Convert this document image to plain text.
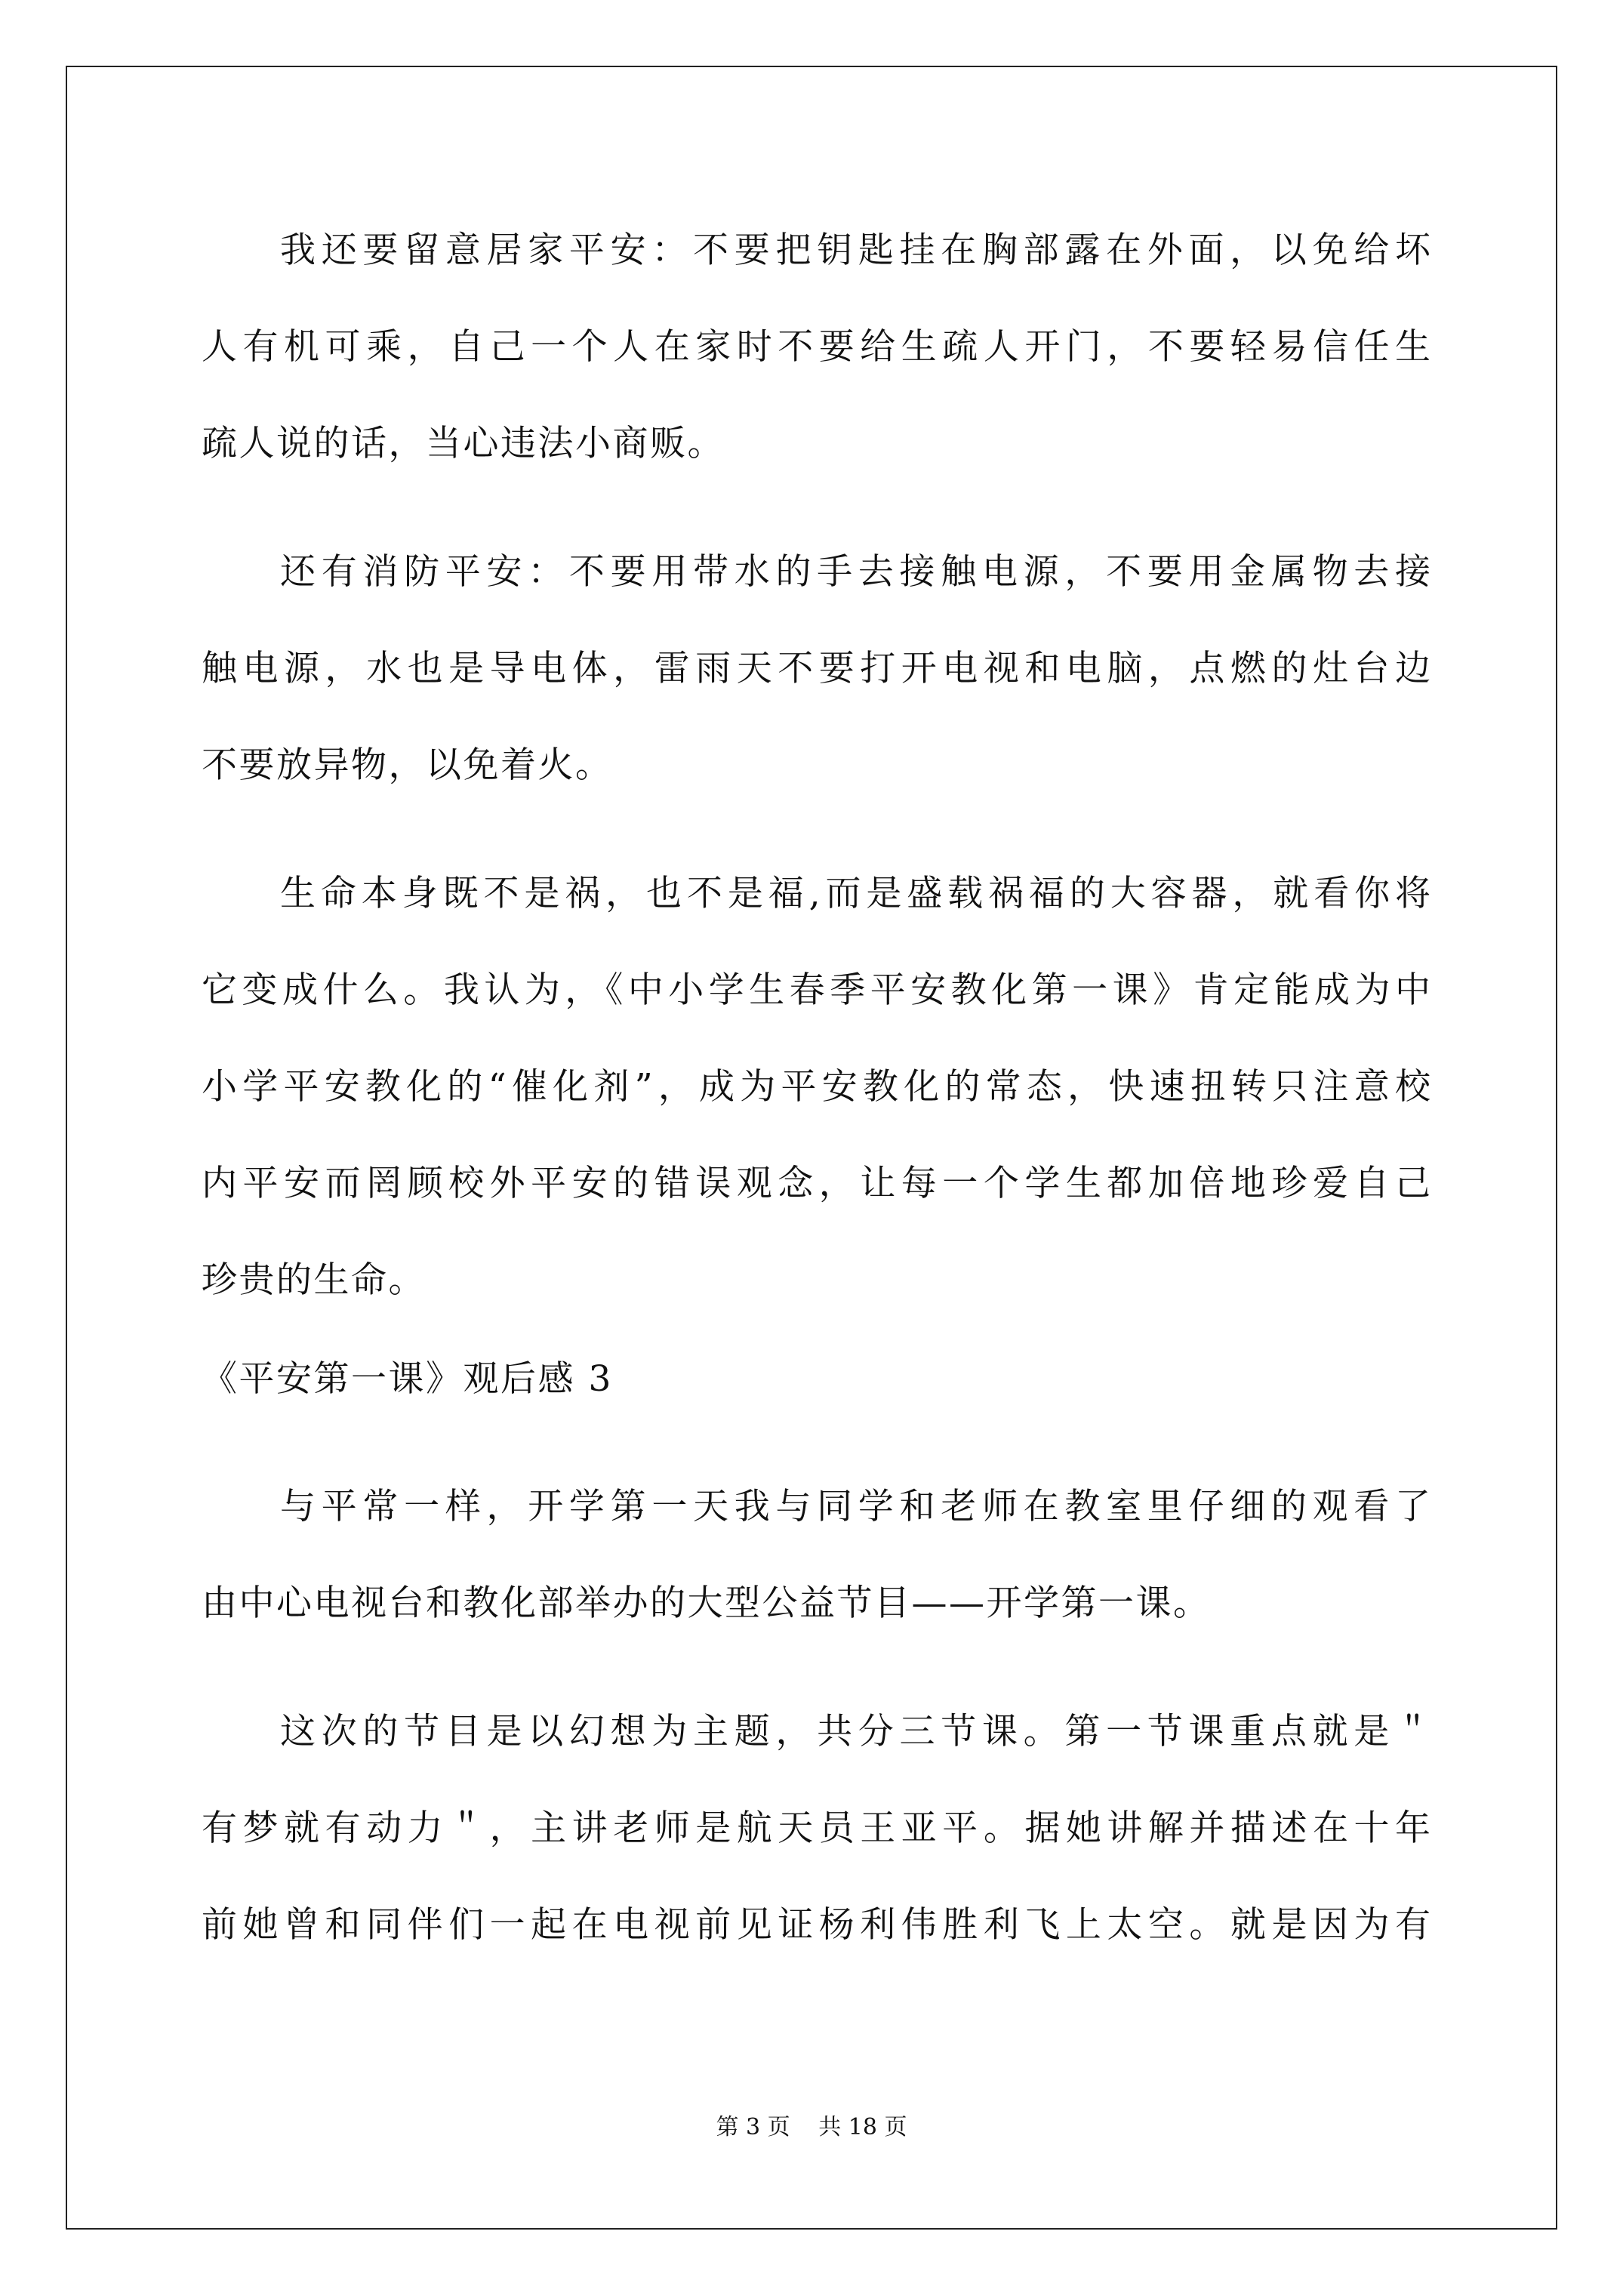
我还要留意居家平安：不要把钥匙挂在胸部露在外面，以免给坏
人有机可乘，自己一个人在家时不要给生疏人开门，不要轻易信任生
疏人说的话，当心违法小商贩。
还有消防平安：不要用带水的手去接触电源，不要用金属物去接
触电源，水也是导电体，雷雨天不要打开电视和电脑，点燃的灶台边
不要放异物，以免着火。
生命本身既不是祸，也不是福,而是盛载祸福的大容器，就看你将
它变成什么。我认为，《中小学生春季平安教化第一课》肯定能成为中
小学平安教化的“催化剂”，成为平安教化的常态，快速扭转只注意校
内平安而罔顾校外平安的错误观念，让每一个学生都加倍地珍爱自己
珍贵的生命。
《平安第一课》观后感 3
与平常一样，开学第一天我与同学和老师在教室里仔细的观看了
由中心电视台和教化部举办的大型公益节目——开学第一课。
这次的节目是以幻想为主题，共分三节课。第一节课重点就是＂
有梦就有动力＂，主讲老师是航天员王亚平。据她讲解并描述在十年
前她曾和同伴们一起在电视前见证杨利伟胜利飞上太空。就是因为有
第 3 页 共 18 页
